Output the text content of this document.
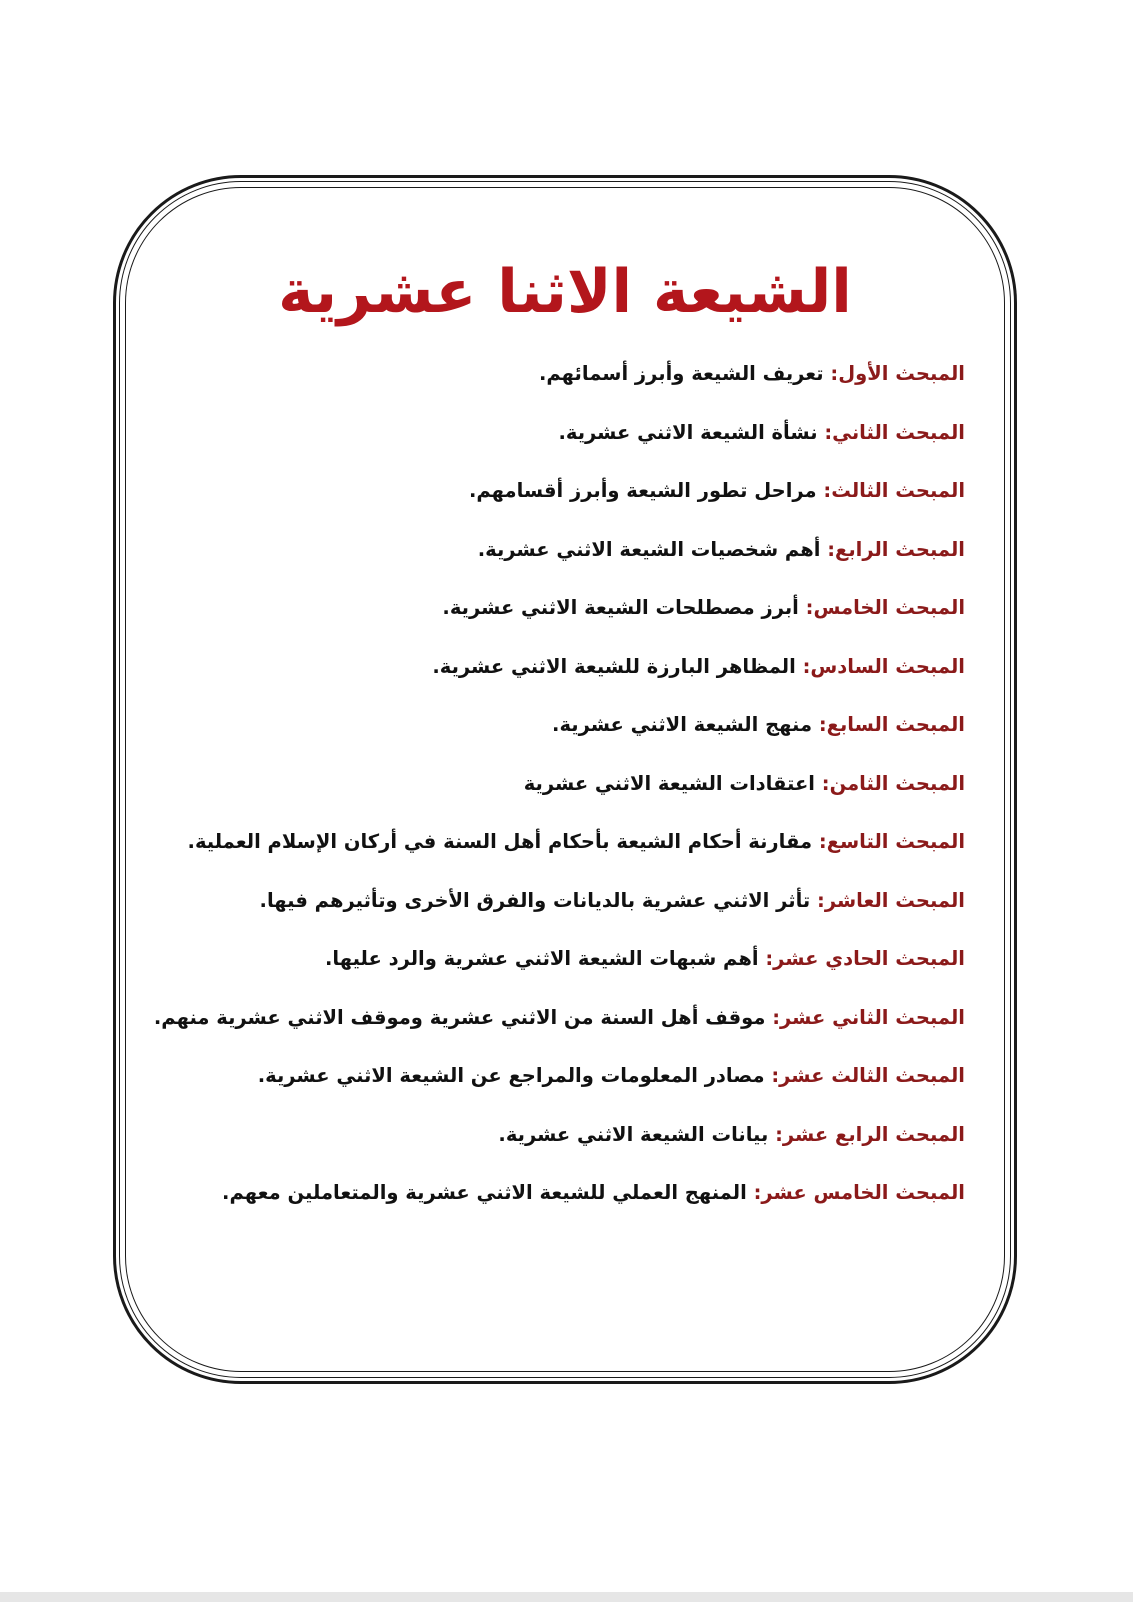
الشيعة الاثنا عشرية
المبحث الأول: تعريف الشيعة وأبرز أسمائهم.
المبحث الثاني: نشأة الشيعة الاثني عشرية.
المبحث الثالث: مراحل تطور الشيعة وأبرز أقسامهم.
المبحث الرابع: أهم شخصيات الشيعة الاثني عشرية.
المبحث الخامس: أبرز مصطلحات الشيعة الاثني عشرية.
المبحث السادس: المظاهر البارزة للشيعة الاثني عشرية.
المبحث السابع: منهج الشيعة الاثني عشرية.
المبحث الثامن: اعتقادات الشيعة الاثني عشرية
المبحث التاسع: مقارنة أحكام الشيعة بأحكام أهل السنة في أركان الإسلام العملية.
المبحث العاشر: تأثر الاثني عشرية بالديانات والفرق الأخرى وتأثيرهم فيها.
المبحث الحادي عشر: أهم شبهات الشيعة الاثني عشرية والرد عليها.
المبحث الثاني عشر: موقف أهل السنة من الاثني عشرية وموقف الاثني عشرية منهم.
المبحث الثالث عشر: مصادر المعلومات والمراجع عن الشيعة الاثني عشرية.
المبحث الرابع عشر: بيانات الشيعة الاثني عشرية.
المبحث الخامس عشر: المنهج العملي للشيعة الاثني عشرية والمتعاملين معهم.
